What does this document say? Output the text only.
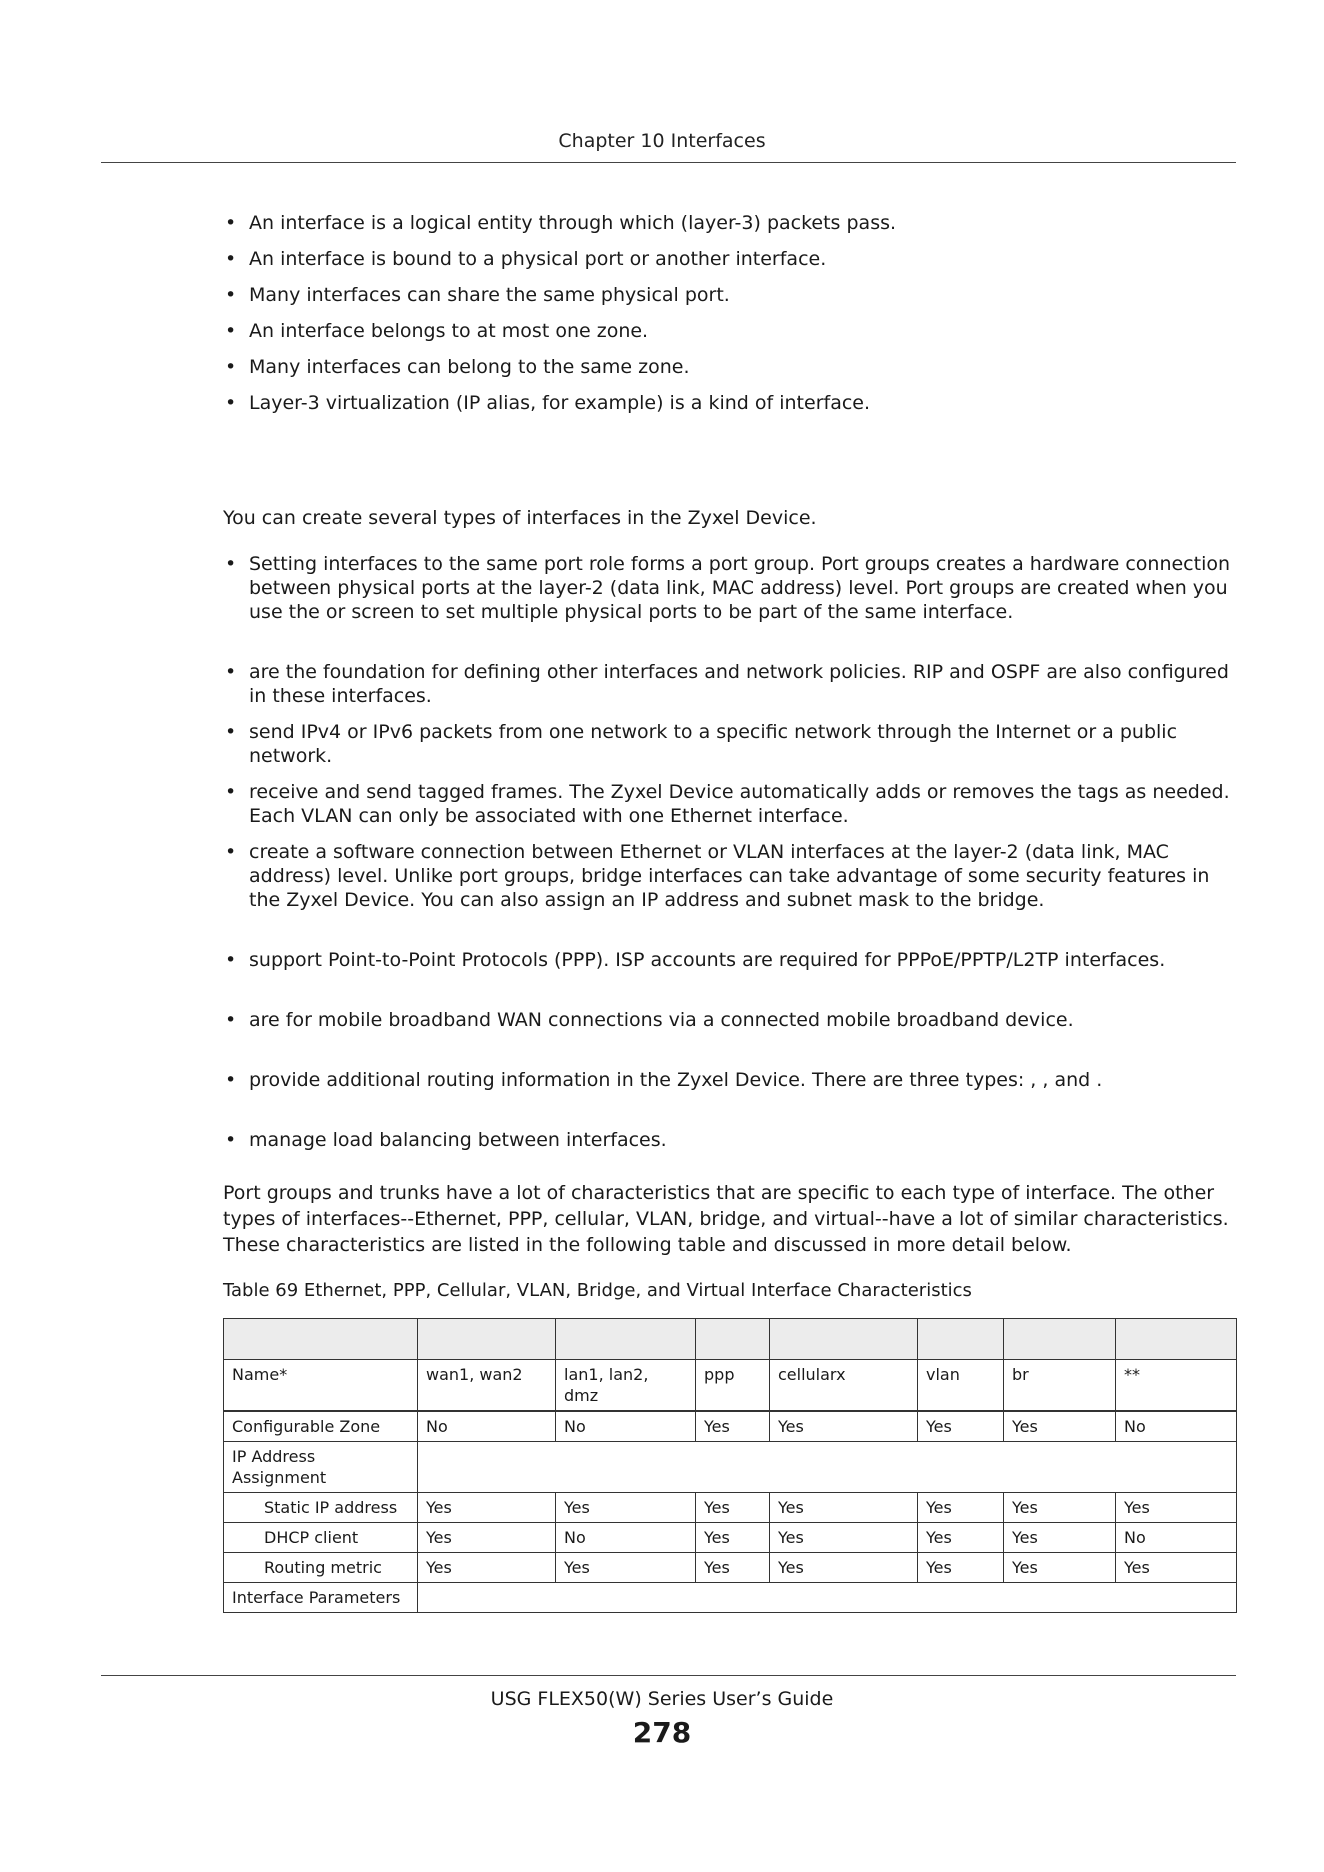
Chapter 10 Interfaces
• An interface is a logical entity through which (layer-3) packets pass.
• An interface is bound to a physical port or another interface.
• Many interfaces can share the same physical port.
• An interface belongs to at most one zone.
• Many interfaces can belong to the same zone.
• Layer-3 virtualization (IP alias, for example) is a kind of interface.
You can create several types of interfaces in the Zyxel Device.
• Setting interfaces to the same port role forms a port group. Port groups creates a hardware connection between physical ports at the layer-2 (data link, MAC address) level. Port groups are created when you use the or screen to set multiple physical ports to be part of the same interface.
• are the foundation for defining other interfaces and network policies. RIP and OSPF are also configured in these interfaces.
• send IPv4 or IPv6 packets from one network to a specific network through the Internet or a public network.
• receive and send tagged frames. The Zyxel Device automatically adds or removes the tags as needed. Each VLAN can only be associated with one Ethernet interface.
• create a software connection between Ethernet or VLAN interfaces at the layer-2 (data link, MAC address) level. Unlike port groups, bridge interfaces can take advantage of some security features in the Zyxel Device. You can also assign an IP address and subnet mask to the bridge.
• support Point-to-Point Protocols (PPP). ISP accounts are required for PPPoE/PPTP/L2TP interfaces.
• are for mobile broadband WAN connections via a connected mobile broadband device.
• provide additional routing information in the Zyxel Device. There are three types: , , and .
• manage load balancing between interfaces.
Port groups and trunks have a lot of characteristics that are specific to each type of interface. The other types of interfaces--Ethernet, PPP, cellular, VLAN, bridge, and virtual--have a lot of similar characteristics. These characteristics are listed in the following table and discussed in more detail below.
Table 69 Ethernet, PPP, Cellular, VLAN, Bridge, and Virtual Interface Characteristics

Name*	wan1, wan2	lan1, lan2, dmz	ppp	cellularx	vlan	br	**
Configurable Zone	No	No	Yes	Yes	Yes	Yes	No
IP Address Assignment							
Static IP address	Yes	Yes	Yes	Yes	Yes	Yes	Yes
DHCP client	Yes	No	Yes	Yes	Yes	Yes	No
Routing metric	Yes	Yes	Yes	Yes	Yes	Yes	Yes
Interface Parameters							
USG FLEX50(W) Series User’s Guide
278
